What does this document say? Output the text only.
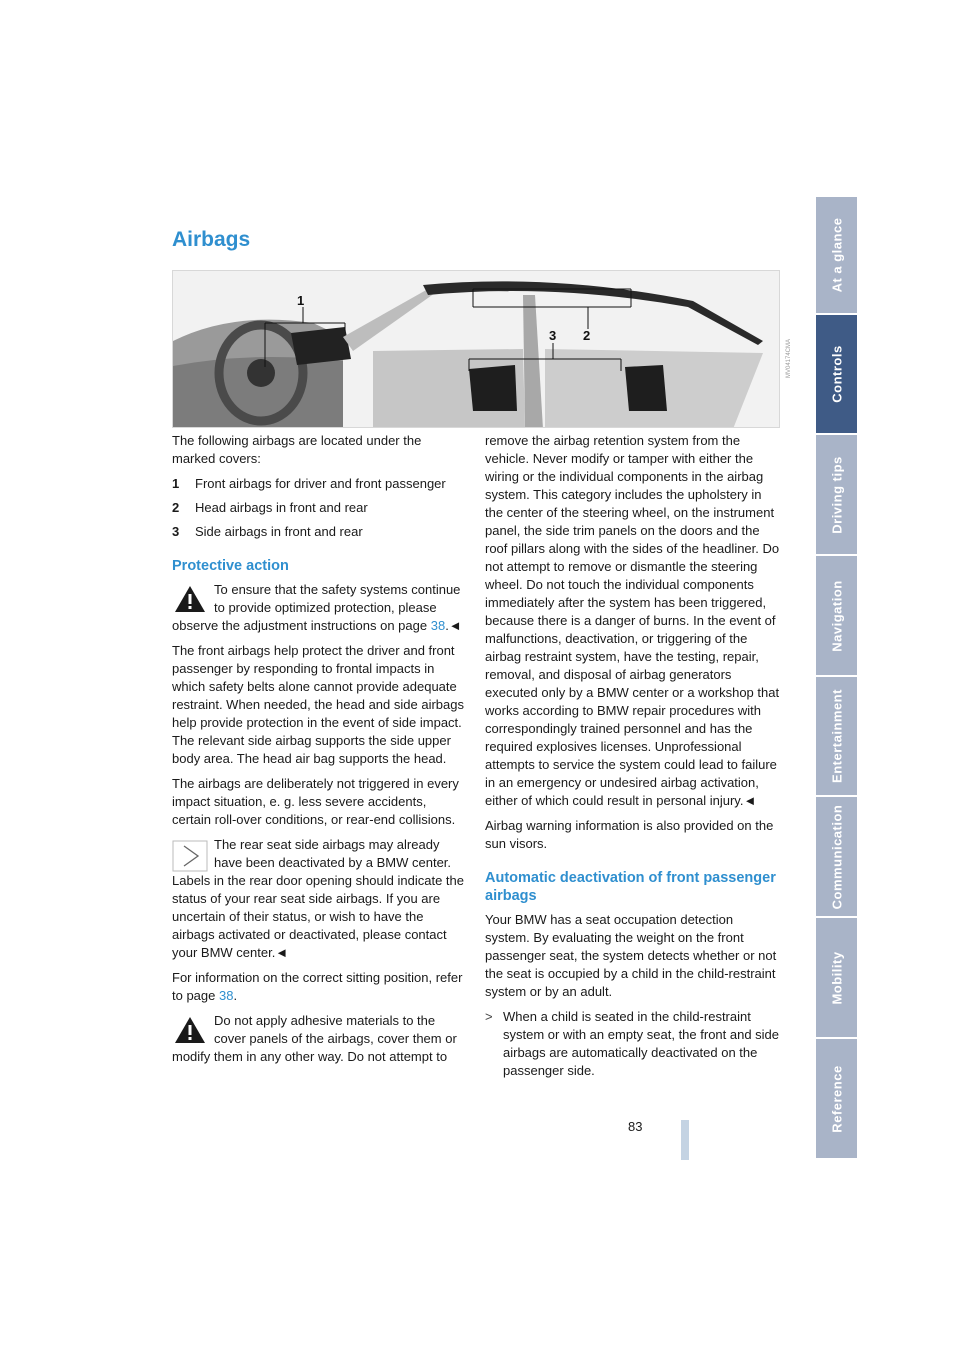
Airbags
1
3 2
MV04174CMA

The following airbags are located under the marked covers:

1	Front airbags for driver and front passenger
2	Head airbags in front and rear
3	Side airbags in front and rear
Protective action

To ensure that the safety systems continue to provide optimized protection, please observe the adjustment instructions on page 38.◄

The front airbags help protect the driver and front passenger by responding to frontal impacts in which safety belts alone cannot provide adequate restraint. When needed, the head and side airbags help provide protection in the event of side impact. The relevant side airbag supports the side upper body area. The head air bag supports the head.

The airbags are deliberately not triggered in every impact situation, e. g. less severe accidents, certain roll-over conditions, or rear-end collisions.

The rear seat side airbags may already have been deactivated by a BMW center. Labels in the rear door opening should indicate the status of your rear seat side airbags. If you are uncertain of their status, or wish to have the airbags activated or deactivated, please contact your BMW center.◄

For information on the correct sitting position, refer to page 38.

Do not apply adhesive materials to the cover panels of the airbags, cover them or modify them in any other way. Do not attempt to

remove the airbag retention system from the vehicle. Never modify or tamper with either the wiring or the individual components in the airbag system. This category includes the upholstery in the center of the steering wheel, on the instrument panel, the side trim panels on the doors and the roof pillars along with the sides of the headliner. Do not attempt to remove or dismantle the steering wheel. Do not touch the individual components immediately after the system has been triggered, because there is a danger of burns. In the event of malfunctions, deactivation, or triggering of the airbag restraint system, have the testing, repair, removal, and disposal of airbag generators executed only by a BMW center or a workshop that works according to BMW repair procedures with correspondingly trained personnel and has the required explosives licenses. Unprofessional attempts to service the system could lead to failure in an emergency or undesired airbag activation, either of which could result in personal injury.◄

Airbag warning information is also provided on the sun visors.

Automatic deactivation of front passenger airbags

Your BMW has a seat occupation detection system. By evaluating the weight on the front passenger seat, the system detects whether or not the seat is occupied by a child in the child-restraint system or by an adult.

> When a child is seated in the child-restraint system or with an empty seat, the front and side airbags are automatically deactivated on the passenger side.
At a glance
Controls
Driving tips
Navigation
Entertainment
Communication
Mobility
Reference
83
Online Edition for Part-No. 01 41 0 158 518 - © 09/04 BMW AG
